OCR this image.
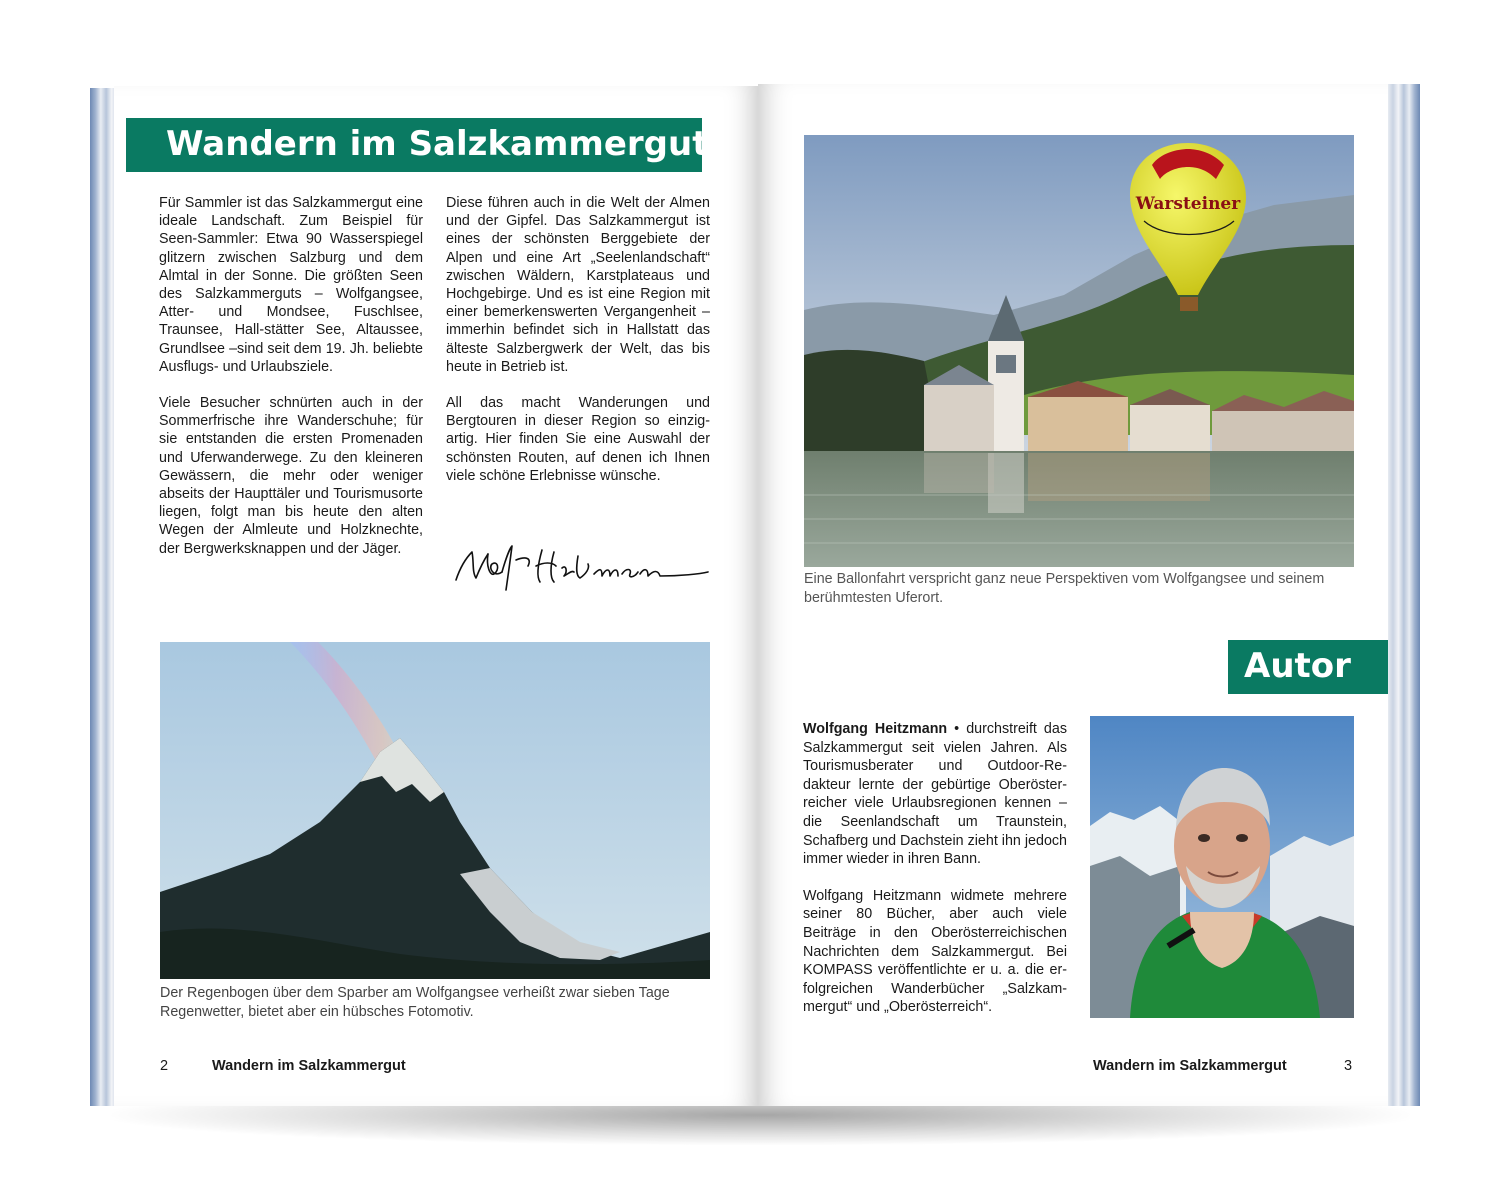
Wandern im Salzkammergut

Für Sammler ist das Salzkammergut eine ideale Landschaft. Zum Beispiel für Seen-Sammler: Etwa 90 Wasserspiegel glitzern zwischen Salzburg und dem Almtal in der Sonne. Die größten Seen des Salzkammerguts – Wolfgangsee, Atter- und Mondsee, Fuschlsee, Traunsee, Hall-stätter See, Altaussee, Grundlsee –sind seit dem 19. Jh. beliebte Ausflugs- und Urlaubsziele.

Viele Besucher schnürten auch in der Sommerfrische ihre Wanderschuhe; für sie entstanden die ersten Promenaden und Uferwanderwege. Zu den kleineren Gewässern, die mehr oder weniger abseits der Haupttäler und Tourismusorte liegen, folgt man bis heute den alten Wegen der Almleute und Holzknechte, der Bergwerksknappen und der Jäger.

Diese führen auch in die Welt der Almen und der Gipfel. Das Salzkammergut ist eines der schönsten Berggebiete der Alpen und eine Art „Seelenlandschaft“ zwischen Wäldern, Karstplateaus und Hochgebirge. Und es ist eine Region mit einer bemerkenswerten Vergangenheit – immerhin befindet sich in Hallstatt das älteste Salzbergwerk der Welt, das bis heute in Betrieb ist.

All das macht Wanderungen und Bergtouren in dieser Region so einzigartig. Hier finden Sie eine Auswahl der schönsten Routen, auf denen ich Ihnen viele schöne Erlebnisse wünsche.

Der Regenbogen über dem Sparber am Wolfgangsee verheißt zwar sieben Tage Regenwetter, bietet aber ein hübsches Fotomotiv.
2	Wandern im Salzkammergut
Warsteiner
Eine Ballonfahrt verspricht ganz neue Perspektiven vom Wolfgangsee und seinem berühmtesten Uferort.
Autor

Wolfgang Heitzmann • durchstreift das Salzkammergut seit vielen Jahren. Als Tourismusberater und Outdoor-Redakteur lernte der gebürtige Oberösterreicher viele Urlaubsregionen kennen – die Seenlandschaft um Traunstein, Schafberg und Dachstein zieht ihn jedoch immer wieder in ihren Bann.

Wolfgang Heitzmann widmete mehrere seiner 80 Bücher, aber auch viele Beiträge in den Oberösterreichischen Nachrichten dem Salzkammergut. Bei KOMPASS veröffentlichte er u. a. die erfolgreichen Wanderbücher „Salzkammergut“ und „Oberösterreich“.

Wandern im Salzkammergut	3
